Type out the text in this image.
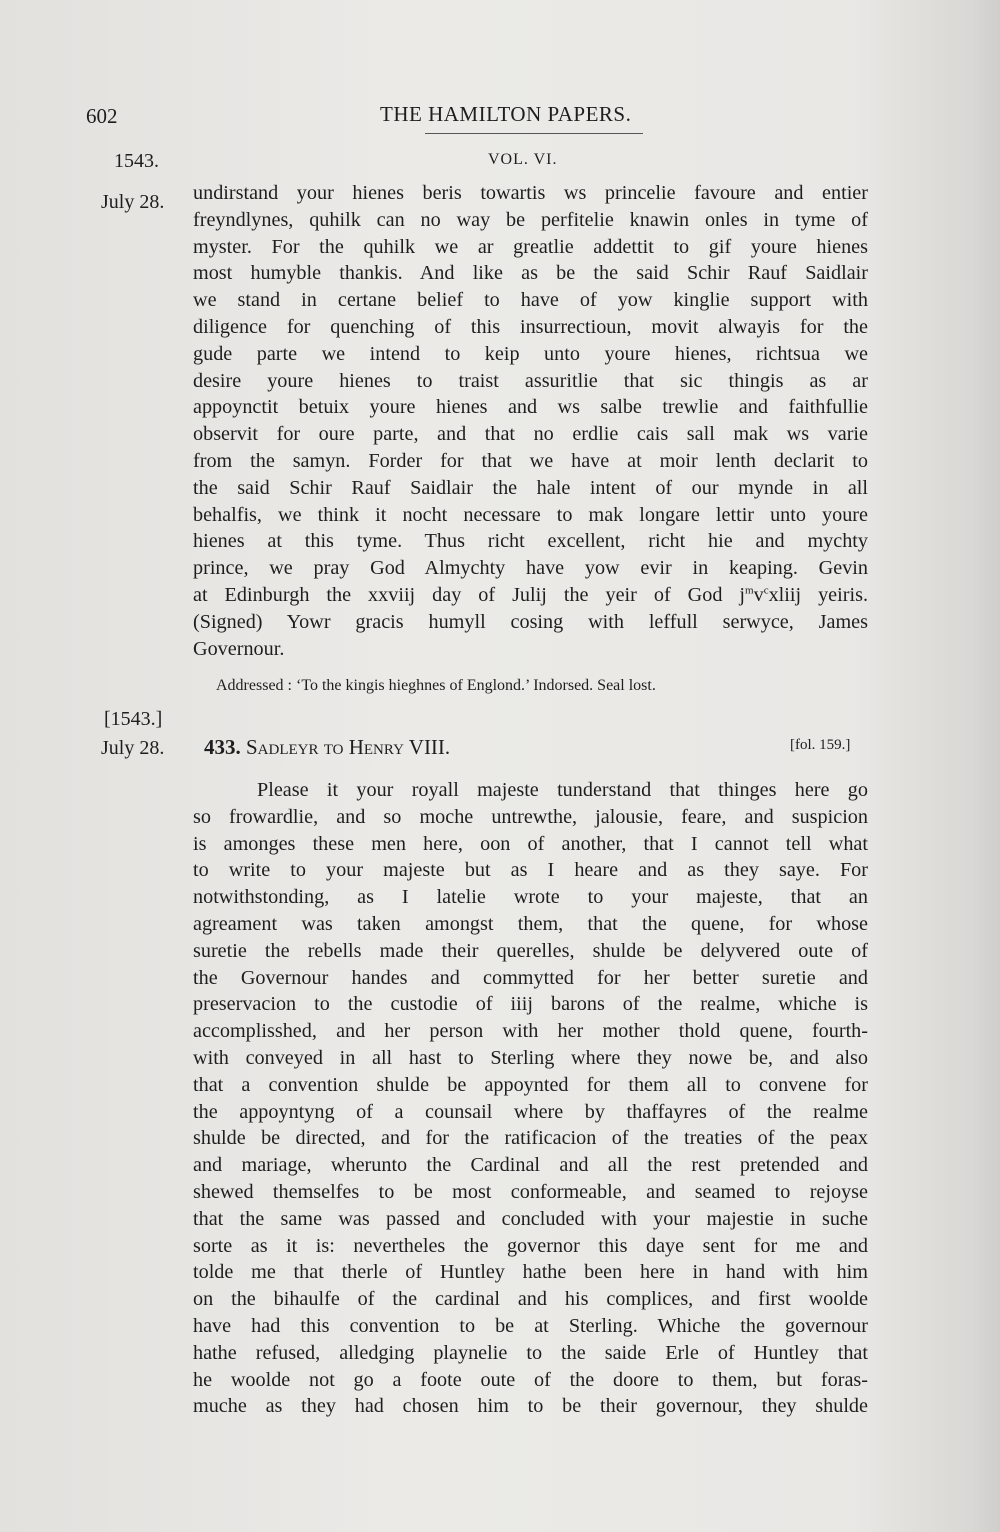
602	THE HAMILTON PAPERS.
1543.	VOL. VI.
July 28. undirstand your hienes beris towartis ws princelie favoure and entier

freyndlynes, quhilk can no way be perfitelie knawin onles in tyme of

myster. For the quhilk we ar greatlie addettit to gif youre hienes

most humyble thankis. And like as be the said Schir Rauf Saidlair

we stand in certane belief to have of yow kinglie support with

diligence for quenching of this insurrectioun, movit alwayis for the

gude parte we intend to keip unto youre hienes, richtsua we

desire youre hienes to traist assuritlie that sic thingis as ar

appoynctit betuix youre hienes and ws salbe trewlie and faithfullie

observit for oure parte, and that no erdlie cais sall mak ws varie

from the samyn. Forder for that we have at moir lenth declarit to

the said Schir Rauf Saidlair the hale intent of our mynde in all

behalfis, we think it nocht necessare to mak longare lettir unto youre

hienes at this tyme. Thus richt excellent, richt hie and mychty

prince, we pray God Almychty have yow evir in keaping. Gevin

at Edinburgh the xxviij day of Julij the yeir of God $j^mv^cxliij$ yeiris.

(Signed) Yowr gracis humyll cosing with leffull serwyce, James

Governour.

Addressed : ‘To the kingis hieghnes of Englond.’ Indorsed. Seal lost.
[1543.]
July 28. 433. Sadleyr to Henry VIII.	[fol. 159.]

Please it your royall majeste tunderstand that thinges here go

so frowardlie, and so moche untrewthe, jalousie, feare, and suspicion

is amonges these men here, oon of another, that I cannot tell what

to write to your majeste but as I heare and as they saye. For

notwithstonding, as I latelie wrote to your majeste, that an

agreament was taken amongst them, that the quene, for whose

suretie the rebells made their querelles, shulde be delyvered oute of

the Governour handes and commytted for her better suretie and

preservacion to the custodie of iiij barons of the realme, whiche is

accomplisshed, and her person with her mother thold quene, fourth-

with conveyed in all hast to Sterling where they nowe be, and also

that a convention shulde be appoynted for them all to convene for

the appoyntyng of a counsail where by thaffayres of the realme

shulde be directed, and for the ratificacion of the treaties of the peax

and mariage, wherunto the Cardinal and all the rest pretended and

shewed themselfes to be most conformeable, and seamed to rejoyse

that the same was passed and concluded with your majestie in suche

sorte as it is: nevertheles the governor this daye sent for me and

tolde me that therle of Huntley hathe been here in hand with him

on the bihaulfe of the cardinal and his complices, and first woolde

have had this convention to be at Sterling. Whiche the governour

hathe refused, alledging playnelie to the saide Erle of Huntley that

he woolde not go a foote oute of the doore to them, but foras-

muche as they had chosen him to be their governour, they shulde
